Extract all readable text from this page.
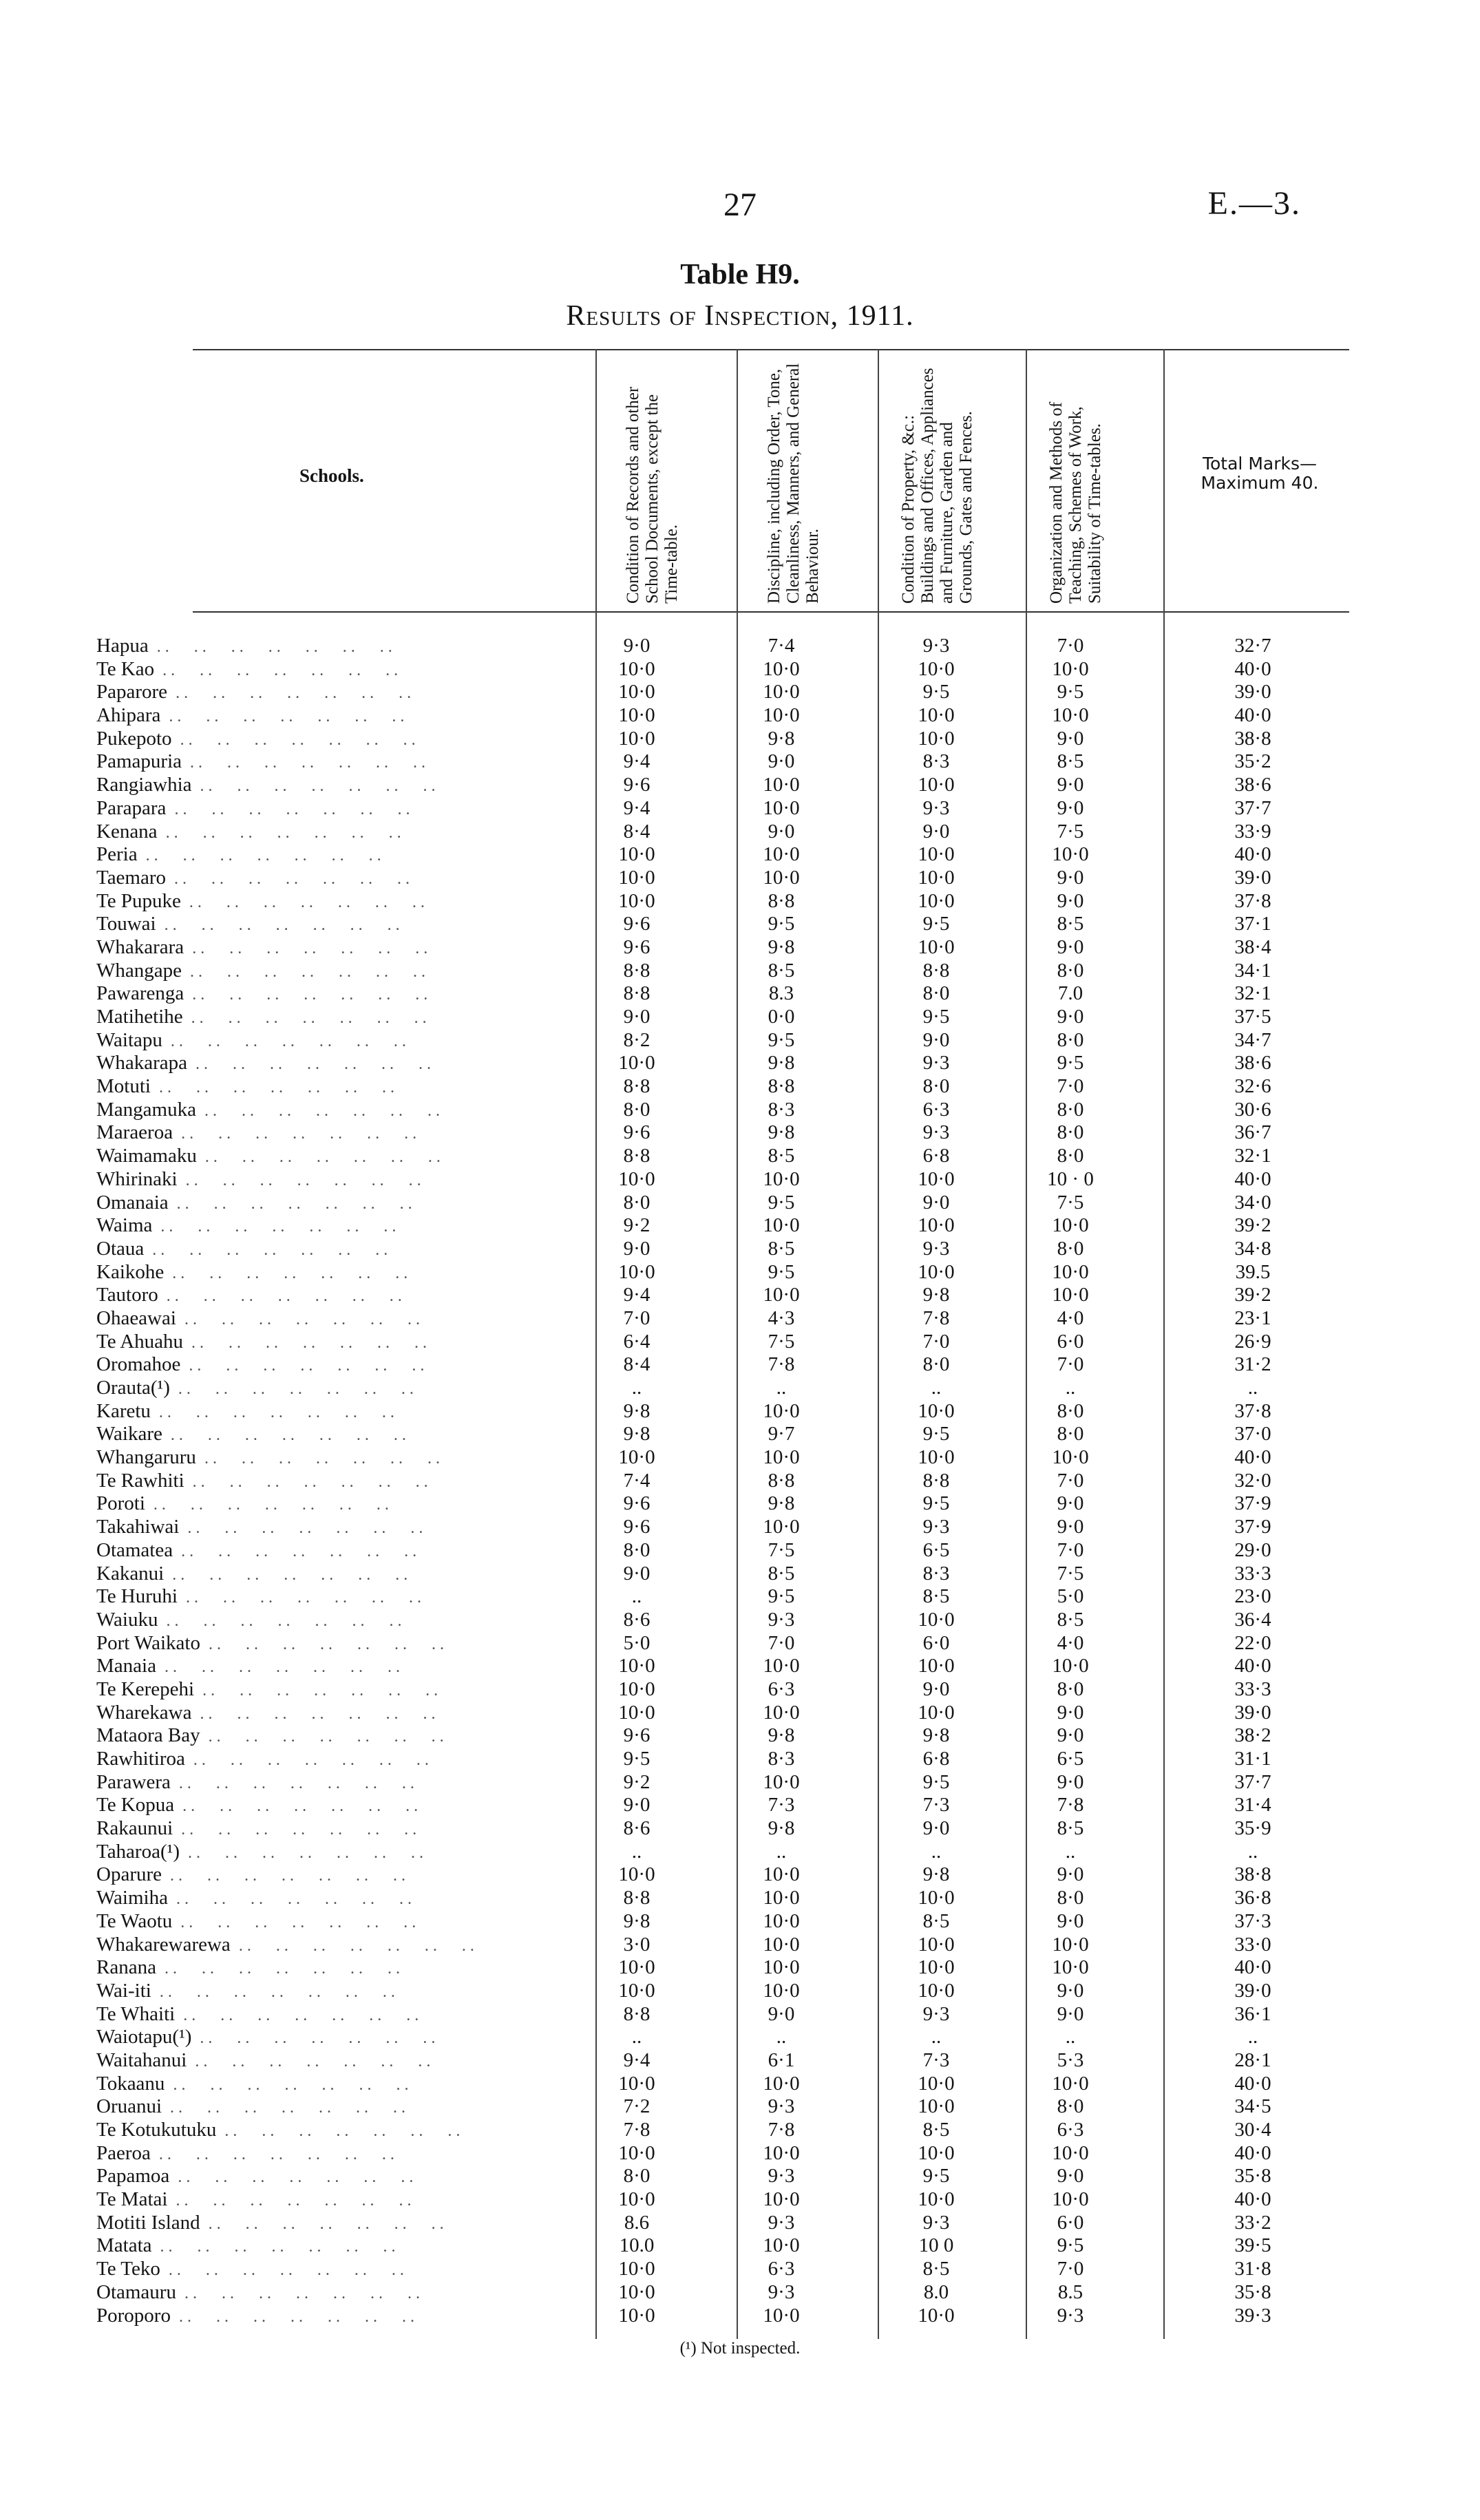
27	E.—3.
Table H9.
Results of Inspection, 1911.
Schools.	Condition of Records and other School Documents, except the Time-table.	Discipline, including Order, Tone, Cleanliness, Manners, and General Behaviour.	Condition of Property, &c.: Buildings and Offices, Appliances and Furniture, Garden and Grounds, Gates and Fences.	Organization and Methods of Teaching, Schemes of Work, Suitability of Time-tables.	Total Marks—Maximum 40.
Hapua . .	9·0	7·4	9·3	7·0	32·7
Te Kao . .	10·0	10·0	10·0	10·0	40·0
Paparore . .	10·0	10·0	9·5	9·5	39·0
Ahipara . .	10·0	10·0	10·0	10·0	40·0
Pukepoto . .	10·0	9·8	10·0	9·0	38·8
Pamapuria . .	9·4	9·0	8·3	8·5	35·2
Rangiawhia . .	9·6	10·0	10·0	9·0	38·6
Parapara . .	9·4	10·0	9·3	9·0	37·7
Kenana . .	8·4	9·0	9·0	7·5	33·9
Peria . .	10·0	10·0	10·0	10·0	40·0
Taemaro . .	10·0	10·0	10·0	9·0	39·0
Te Pupuke . .	10·0	8·8	10·0	9·0	37·8
Touwai . .	9·6	9·5	9·5	8·5	37·1
Whakarara . .	9·6	9·8	10·0	9·0	38·4
Whangape . .	8·8	8·5	8·8	8·0	34·1
Pawarenga . .	8·8	8.3	8·0	7.0	32·1
Matihetihe . .	9·0	0·0	9·5	9·0	37·5
Waitapu . .	8·2	9·5	9·0	8·0	34·7
Whakarapa . .	10·0	9·8	9·3	9·5	38·6
Motuti . .	8·8	8·8	8·0	7·0	32·6
Mangamuka . .	8·0	8·3	6·3	8·0	30·6
Maraeroa . .	9·6	9·8	9·3	8·0	36·7
Waimamaku . .	8·8	8·5	6·8	8·0	32·1
Whirinaki . .	10·0	10·0	10·0	10 · 0	40·0
Omanaia . .	8·0	9·5	9·0	7·5	34·0
Waima . .	9·2	10·0	10·0	10·0	39·2
Otaua . .	9·0	8·5	9·3	8·0	34·8
Kaikohe . .	10·0	9·5	10·0	10·0	39.5
Tautoro . .	9·4	10·0	9·8	10·0	39·2
Ohaeawai . .	7·0	4·3	7·8	4·0	23·1
Te Ahuahu . .	6·4	7·5	7·0	6·0	26·9
Oromahoe . .	8·4	7·8	8·0	7·0	31·2
Orauta(¹) . .	..	..	..	..	..
Karetu . .	9·8	10·0	10·0	8·0	37·8
Waikare . .	9·8	9·7	9·5	8·0	37·0
Whangaruru . .	10·0	10·0	10·0	10·0	40·0
Te Rawhiti . .	7·4	8·8	8·8	7·0	32·0
Poroti . .	9·6	9·8	9·5	9·0	37·9
Takahiwai . .	9·6	10·0	9·3	9·0	37·9
Otamatea . .	8·0	7·5	6·5	7·0	29·0
Kakanui . .	9·0	8·5	8·3	7·5	33·3
Te Huruhi . .	..	9·5	8·5	5·0	23·0
Waiuku . .	8·6	9·3	10·0	8·5	36·4
Port Waikato . .	5·0	7·0	6·0	4·0	22·0
Manaia . .	10·0	10·0	10·0	10·0	40·0
Te Kerepehi . .	10·0	6·3	9·0	8·0	33·3
Wharekawa . .	10·0	10·0	10·0	9·0	39·0
Mataora Bay . .	9·6	9·8	9·8	9·0	38·2
Rawhitiroa . .	9·5	8·3	6·8	6·5	31·1
Parawera . .	9·2	10·0	9·5	9·0	37·7
Te Kopua . .	9·0	7·3	7·3	7·8	31·4
Rakaunui . .	8·6	9·8	9·0	8·5	35·9
Taharoa(¹) . .	..	..	..	..	..
Oparure . .	10·0	10·0	9·8	9·0	38·8
Waimiha . .	8·8	10·0	10·0	8·0	36·8
Te Waotu . .	9·8	10·0	8·5	9·0	37·3
Whakarewarewa . .	3·0	10·0	10·0	10·0	33·0
Ranana . .	10·0	10·0	10·0	10·0	40·0
Wai-iti . .	10·0	10·0	10·0	9·0	39·0
Te Whaiti . .	8·8	9·0	9·3	9·0	36·1
Waiotapu(¹) . .	..	..	..	..	..
Waitahanui . .	9·4	6·1	7·3	5·3	28·1
Tokaanu . .	10·0	10·0	10·0	10·0	40·0
Oruanui . .	7·2	9·3	10·0	8·0	34·5
Te Kotukutuku . .	7·8	7·8	8·5	6·3	30·4
Paeroa . .	10·0	10·0	10·0	10·0	40·0
Papamoa . .	8·0	9·3	9·5	9·0	35·8
Te Matai . .	10·0	10·0	10·0	10·0	40·0
Motiti Island . .	8.6	9·3	9·3	6·0	33·2
Matata . .	10.0	10·0	10 0	9·5	39·5
Te Teko . .	10·0	6·3	8·5	7·0	31·8
Otamauru . .	10·0	9·3	8.0	8.5	35·8
Poroporo . .	10·0	10·0	10·0	9·3	39·3
(¹) Not inspected.
